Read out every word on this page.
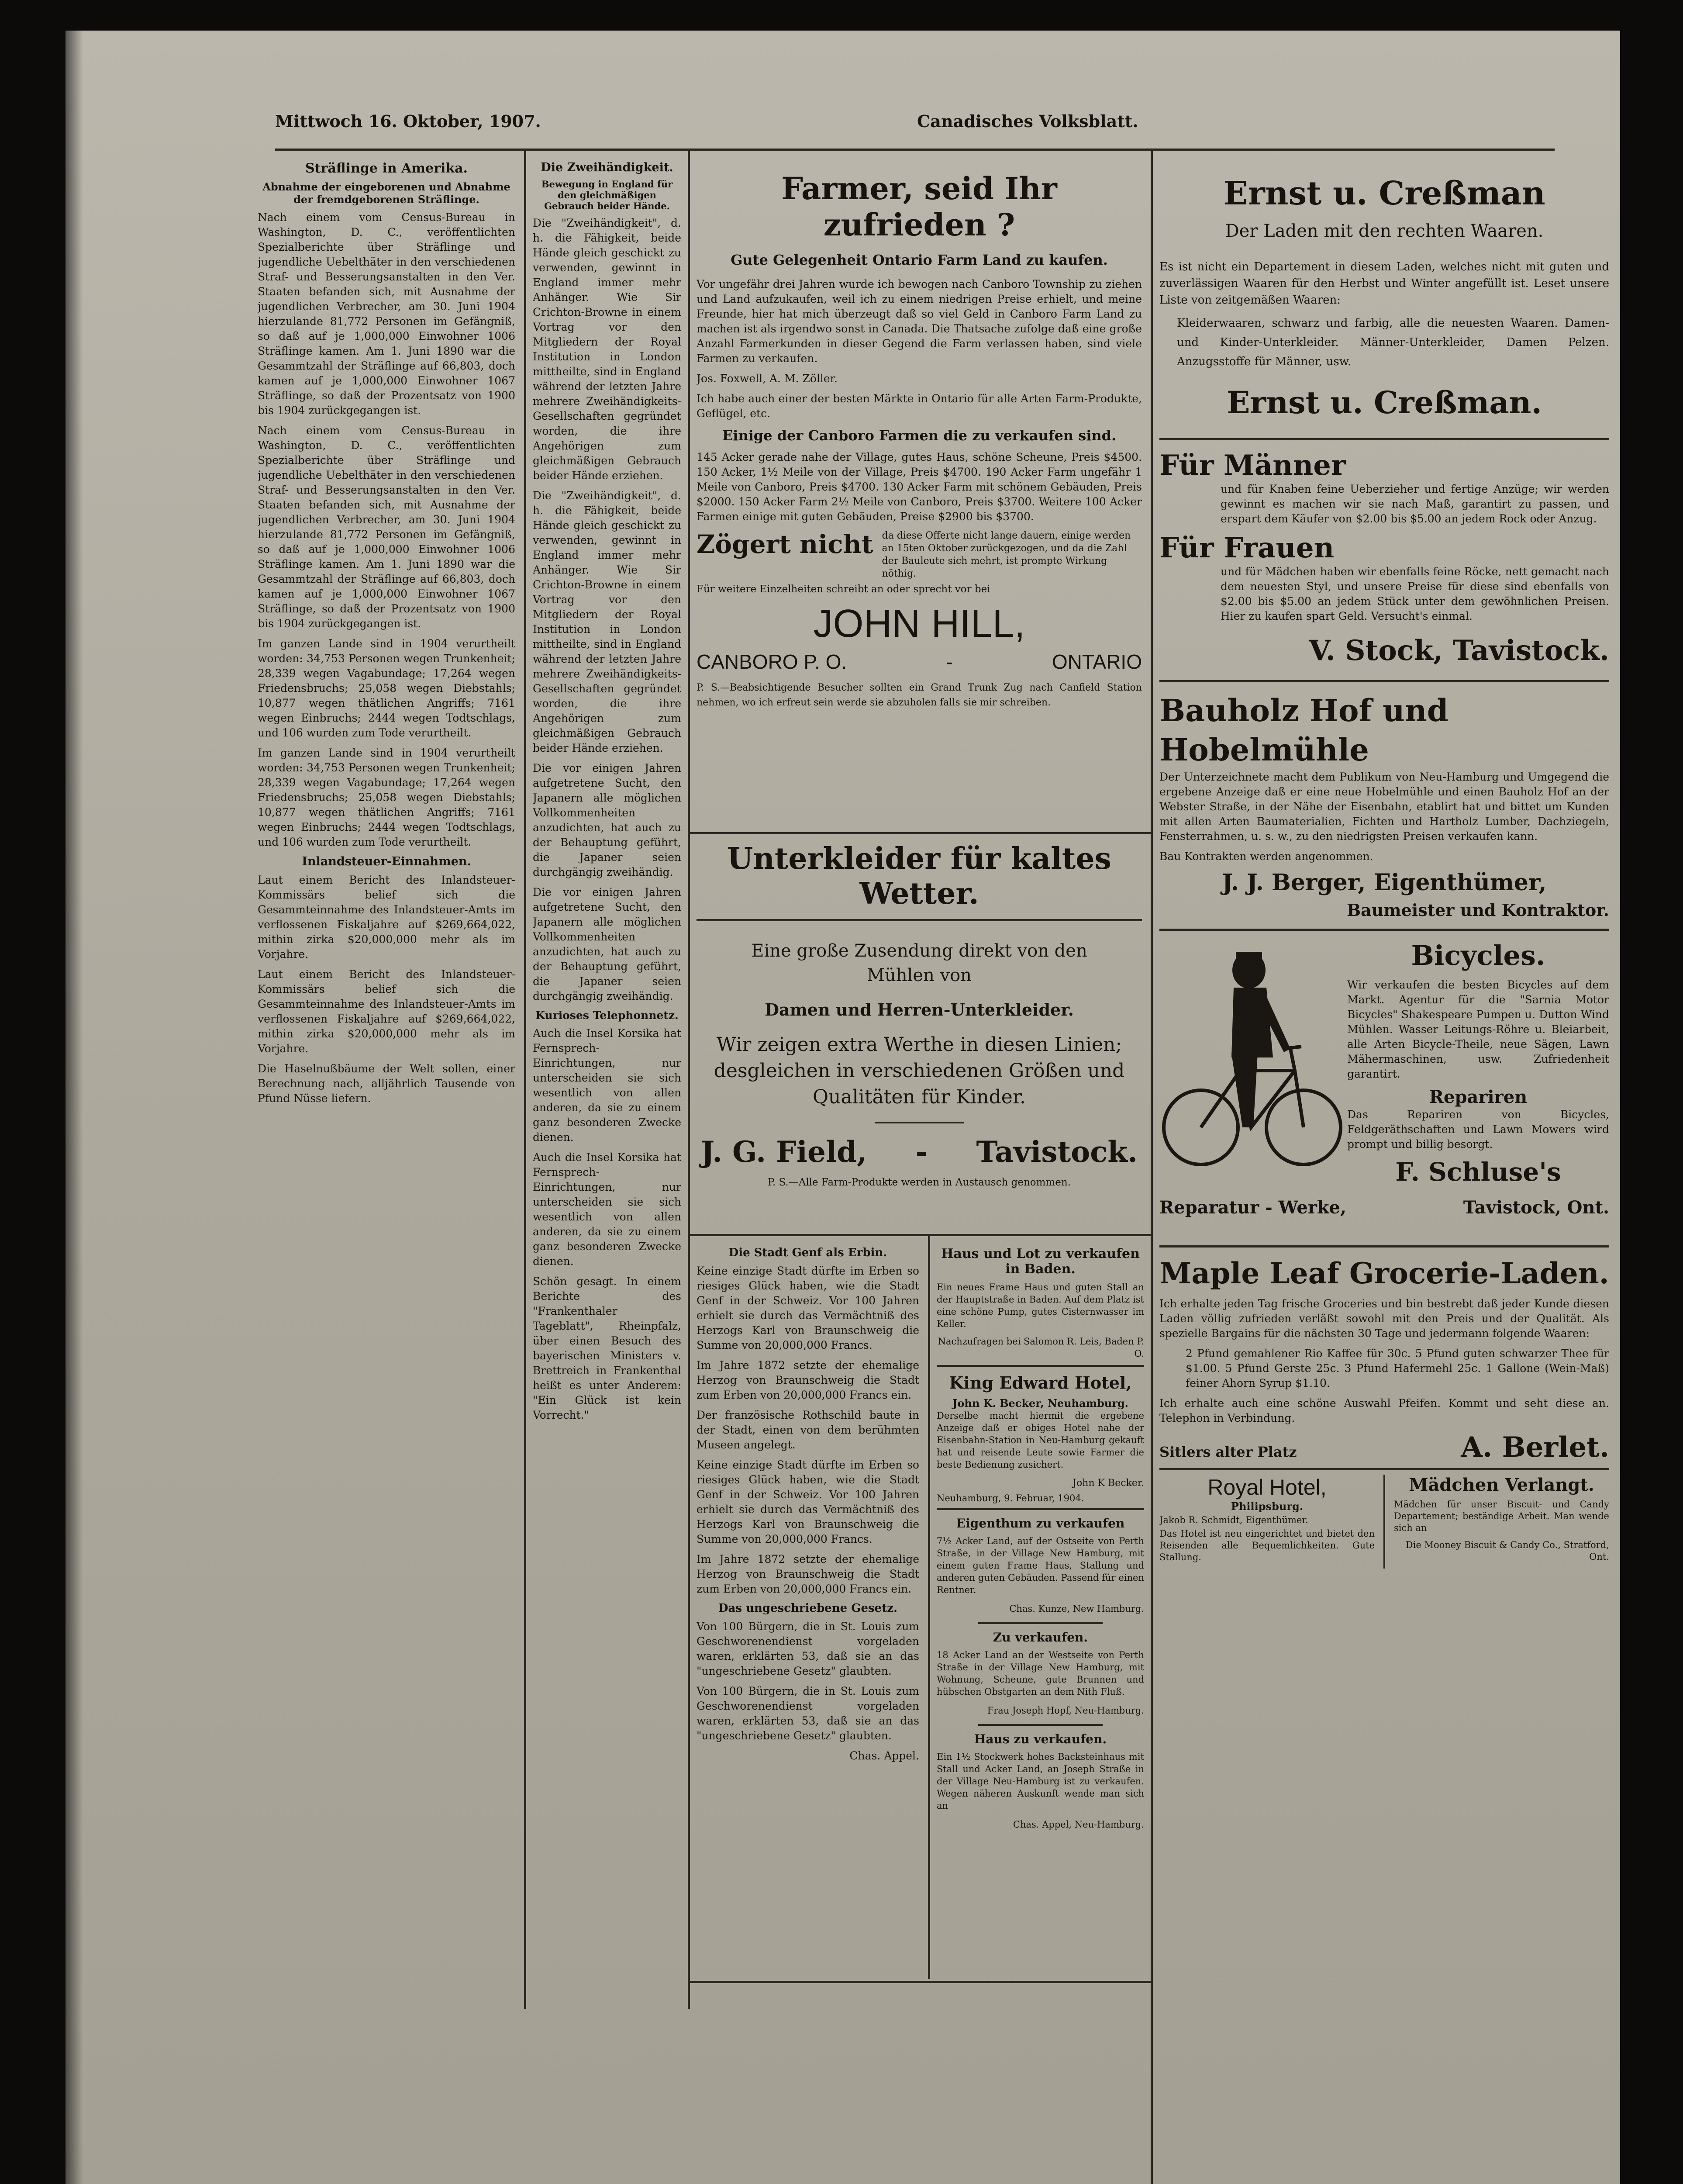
Mittwoch 16. Oktober, 1907.	Canadisches Volksblatt.
Sträflinge in Amerika.
Abnahme der eingeborenen und Abnahme der fremdgeborenen Sträflinge.

Nach einem vom Census-Bureau in Washington, D. C., veröffentlichten Spezialberichte über Sträflinge und jugendliche Uebelthäter in den verschiedenen Straf- und Besserungsanstalten in den Ver. Staaten befanden sich, mit Ausnahme der jugendlichen Verbrecher, am 30. Juni 1904 hierzulande 81,772 Personen im Gefängniß, so daß auf je 1,000,000 Einwohner 1006 Sträflinge kamen. Am 1. Juni 1890 war die Gesammtzahl der Sträflinge auf 66,803, doch kamen auf je 1,000,000 Einwohner 1067 Sträflinge, so daß der Prozentsatz von 1900 bis 1904 zurückgegangen ist.

Nach einem vom Census-Bureau in Washington, D. C., veröffentlichten Spezialberichte über Sträflinge und jugendliche Uebelthäter in den verschiedenen Straf- und Besserungsanstalten in den Ver. Staaten befanden sich, mit Ausnahme der jugendlichen Verbrecher, am 30. Juni 1904 hierzulande 81,772 Personen im Gefängniß, so daß auf je 1,000,000 Einwohner 1006 Sträflinge kamen. Am 1. Juni 1890 war die Gesammtzahl der Sträflinge auf 66,803, doch kamen auf je 1,000,000 Einwohner 1067 Sträflinge, so daß der Prozentsatz von 1900 bis 1904 zurückgegangen ist.

Im ganzen Lande sind in 1904 verurtheilt worden: 34,753 Personen wegen Trunkenheit; 28,339 wegen Vagabundage; 17,264 wegen Friedensbruchs; 25,058 wegen Diebstahls; 10,877 wegen thätlichen Angriffs; 7161 wegen Einbruchs; 2444 wegen Todtschlags, und 106 wurden zum Tode verurtheilt.

Im ganzen Lande sind in 1904 verurtheilt worden: 34,753 Personen wegen Trunkenheit; 28,339 wegen Vagabundage; 17,264 wegen Friedensbruchs; 25,058 wegen Diebstahls; 10,877 wegen thätlichen Angriffs; 7161 wegen Einbruchs; 2444 wegen Todtschlags, und 106 wurden zum Tode verurtheilt.

Inlandsteuer-Einnahmen.

Laut einem Bericht des Inlandsteuer-Kommissärs belief sich die Gesammteinnahme des Inlandsteuer-Amts im verflossenen Fiskaljahre auf $269,664,022, mithin zirka $20,000,000 mehr als im Vorjahre.

Laut einem Bericht des Inlandsteuer-Kommissärs belief sich die Gesammteinnahme des Inlandsteuer-Amts im verflossenen Fiskaljahre auf $269,664,022, mithin zirka $20,000,000 mehr als im Vorjahre.

Die Haselnußbäume der Welt sollen, einer Berechnung nach, alljährlich Tausende von Pfund Nüsse liefern.

Die Zweihändigkeit.
Bewegung in England für den gleichmäßigen Gebrauch beider Hände.

Die "Zweihändigkeit", d. h. die Fähigkeit, beide Hände gleich geschickt zu verwenden, gewinnt in England immer mehr Anhänger. Wie Sir Crichton-Browne in einem Vortrag vor den Mitgliedern der Royal Institution in London mittheilte, sind in England während der letzten Jahre mehrere Zweihändigkeits-Gesellschaften gegründet worden, die ihre Angehörigen zum gleichmäßigen Gebrauch beider Hände erziehen.

Die "Zweihändigkeit", d. h. die Fähigkeit, beide Hände gleich geschickt zu verwenden, gewinnt in England immer mehr Anhänger. Wie Sir Crichton-Browne in einem Vortrag vor den Mitgliedern der Royal Institution in London mittheilte, sind in England während der letzten Jahre mehrere Zweihändigkeits-Gesellschaften gegründet worden, die ihre Angehörigen zum gleichmäßigen Gebrauch beider Hände erziehen.

Die vor einigen Jahren aufgetretene Sucht, den Japanern alle möglichen Vollkommenheiten anzudichten, hat auch zu der Behauptung geführt, die Japaner seien durchgängig zweihändig.

Die vor einigen Jahren aufgetretene Sucht, den Japanern alle möglichen Vollkommenheiten anzudichten, hat auch zu der Behauptung geführt, die Japaner seien durchgängig zweihändig.

Kurioses Telephonnetz.

Auch die Insel Korsika hat Fernsprech-Einrichtungen, nur unterscheiden sie sich wesentlich von allen anderen, da sie zu einem ganz besonderen Zwecke dienen.

Auch die Insel Korsika hat Fernsprech-Einrichtungen, nur unterscheiden sie sich wesentlich von allen anderen, da sie zu einem ganz besonderen Zwecke dienen.

Schön gesagt. In einem Berichte des "Frankenthaler Tageblatt", Rheinpfalz, über einen Besuch des bayerischen Ministers v. Brettreich in Frankenthal heißt es unter Anderem: "Ein Glück ist kein Vorrecht."

Farmer, seid Ihr zufrieden ?
Gute Gelegenheit Ontario Farm Land zu kaufen.

Vor ungefähr drei Jahren wurde ich bewogen nach Canboro Township zu ziehen und Land aufzukaufen, weil ich zu einem niedrigen Preise erhielt, und meine Freunde, hier hat mich überzeugt daß so viel Geld in Canboro Farm Land zu machen ist als irgendwo sonst in Canada. Die Thatsache zufolge daß eine große Anzahl Farmerkunden in dieser Gegend die Farm verlassen haben, sind viele Farmen zu verkaufen.

Jos. Foxwell, A. M. Zöller.

Ich habe auch einer der besten Märkte in Ontario für alle Arten Farm-Produkte, Geflügel, etc.

Einige der Canboro Farmen die zu verkaufen sind.

145 Acker gerade nahe der Village, gutes Haus, schöne Scheune, Preis $4500. 150 Acker, 1½ Meile von der Village, Preis $4700. 190 Acker Farm ungefähr 1 Meile von Canboro, Preis $4700. 130 Acker Farm mit schönem Gebäuden, Preis $2000. 150 Acker Farm 2½ Meile von Canboro, Preis $3700. Weitere 100 Acker Farmen einige mit guten Gebäuden, Preise $2900 bis $3700.

Zögert nicht da diese Offerte nicht lange dauern, einige werden an 15ten Oktober zurückgezogen, und da die Zahl der Bauleute sich mehrt, ist prompte Wirkung nöthig.
Für weitere Einzelheiten schreibt an oder sprecht vor bei
JOHN HILL,
CANBORO P. O.	-	ONTARIO

P. S.—Beabsichtigende Besucher sollten ein Grand Trunk Zug nach Canfield Station nehmen, wo ich erfreut sein werde sie abzuholen falls sie mir schreiben.

Unterkleider für kaltes Wetter.
Eine große Zusendung direkt von den Mühlen von
Damen und Herren-Unterkleider.
Wir zeigen extra Werthe in diesen Linien; desgleichen in verschiedenen Größen und Qualitäten für Kinder.
J. G. Field, - Tavistock.
P. S.—Alle Farm-Produkte werden in Austausch genommen.
Die Stadt Genf als Erbin.

Keine einzige Stadt dürfte im Erben so riesiges Glück haben, wie die Stadt Genf in der Schweiz. Vor 100 Jahren erhielt sie durch das Vermächtniß des Herzogs Karl von Braunschweig die Summe von 20,000,000 Francs.

Im Jahre 1872 setzte der ehemalige Herzog von Braunschweig die Stadt zum Erben von 20,000,000 Francs ein.

Der französische Rothschild baute in der Stadt, einen von dem berühmten Museen angelegt.

Keine einzige Stadt dürfte im Erben so riesiges Glück haben, wie die Stadt Genf in der Schweiz. Vor 100 Jahren erhielt sie durch das Vermächtniß des Herzogs Karl von Braunschweig die Summe von 20,000,000 Francs.

Im Jahre 1872 setzte der ehemalige Herzog von Braunschweig die Stadt zum Erben von 20,000,000 Francs ein.

Das ungeschriebene Gesetz.

Von 100 Bürgern, die in St. Louis zum Geschworenendienst vorgeladen waren, erklärten 53, daß sie an das "ungeschriebene Gesetz" glaubten.

Von 100 Bürgern, die in St. Louis zum Geschworenendienst vorgeladen waren, erklärten 53, daß sie an das "ungeschriebene Gesetz" glaubten.

Chas. Appel.

Haus und Lot zu verkaufen in Baden.

Ein neues Frame Haus und guten Stall an der Hauptstraße in Baden. Auf dem Platz ist eine schöne Pump, gutes Cisternwasser im Keller.

Nachzufragen bei Salomon R. Leis, Baden P. O.

King Edward Hotel,
John K. Becker, Neuhamburg.

Derselbe macht hiermit die ergebene Anzeige daß er obiges Hotel nahe der Eisenbahn-Station in Neu-Hamburg gekauft hat und reisende Leute sowie Farmer die beste Bedienung zusichert.

John K Becker.

Neuhamburg, 9. Februar, 1904.

Eigenthum zu verkaufen

7½ Acker Land, auf der Ostseite von Perth Straße, in der Village New Hamburg, mit einem guten Frame Haus, Stallung und anderen guten Gebäuden. Passend für einen Rentner.

Chas. Kunze, New Hamburg.

Zu verkaufen.

18 Acker Land an der Westseite von Perth Straße in der Village New Hamburg, mit Wohnung, Scheune, gute Brunnen und hübschen Obstgarten an dem Nith Fluß.

Frau Joseph Hopf, Neu-Hamburg.

Haus zu verkaufen.

Ein 1½ Stockwerk hohes Backsteinhaus mit Stall und Acker Land, an Joseph Straße in der Village Neu-Hamburg ist zu verkaufen. Wegen näheren Auskunft wende man sich an

Chas. Appel, Neu-Hamburg.

Ernst u. Creßman
Der Laden mit den rechten Waaren.

Es ist nicht ein Departement in diesem Laden, welches nicht mit guten und zuverlässigen Waaren für den Herbst und Winter angefüllt ist. Leset unsere Liste von zeitgemäßen Waaren:

Kleiderwaaren, schwarz und farbig, alle die neuesten Waaren. Damen- und Kinder-Unterkleider. Männer-Unterkleider, Damen Pelzen. Anzugsstoffe für Männer, usw.

Ernst u. Creßman.
Für Männer

und für Knaben feine Ueberzieher und fertige Anzüge; wir werden gewinnt es machen wir sie nach Maß, garantirt zu passen, und erspart dem Käufer von $2.00 bis $5.00 an jedem Rock oder Anzug.

Für Frauen

und für Mädchen haben wir ebenfalls feine Röcke, nett gemacht nach dem neuesten Styl, und unsere Preise für diese sind ebenfalls von $2.00 bis $5.00 an jedem Stück unter dem gewöhnlichen Preisen. Hier zu kaufen spart Geld. Versucht's einmal.

V. Stock, Tavistock.
Bauholz Hof und Hobelmühle

Der Unterzeichnete macht dem Publikum von Neu-Hamburg und Umgegend die ergebene Anzeige daß er eine neue Hobelmühle und einen Bauholz Hof an der Webster Straße, in der Nähe der Eisenbahn, etablirt hat und bittet um Kunden mit allen Arten Baumaterialien, Fichten und Hartholz Lumber, Dachziegeln, Fensterrahmen, u. s. w., zu den niedrigsten Preisen verkaufen kann.

Bau Kontrakten werden angenommen.

J. J. Berger, Eigenthümer,
Baumeister und Kontraktor.
Bicycles.

Wir verkaufen die besten Bicycles auf dem Markt. Agentur für die "Sarnia Motor Bicycles" Shakespeare Pumpen u. Dutton Wind Mühlen. Wasser Leitungs-Röhre u. Bleiarbeit, alle Arten Bicycle-Theile, neue Sägen, Lawn Mähermaschinen, usw. Zufriedenheit garantirt.

Repariren

Das Repariren von Bicycles, Feldgeräthschaften und Lawn Mowers wird prompt und billig besorgt.

F. Schluse's
Reparatur - Werke,	Tavistock, Ont.
Maple Leaf Grocerie-Laden.

Ich erhalte jeden Tag frische Groceries und bin bestrebt daß jeder Kunde diesen Laden völlig zufrieden verläßt sowohl mit den Preis und der Qualität. Als spezielle Bargains für die nächsten 30 Tage und jedermann folgende Waaren:

2 Pfund gemahlener Rio Kaffee für 30c. 5 Pfund guten schwarzer Thee für $1.00. 5 Pfund Gerste 25c. 3 Pfund Hafermehl 25c. 1 Gallone (Wein-Maß) feiner Ahorn Syrup $1.10.

Ich erhalte auch eine schöne Auswahl Pfeifen. Kommt und seht diese an. Telephon in Verbindung.

Sitlers alter Platz	A. Berlet.
Royal Hotel,
Philipsburg.

Jakob R. Schmidt, Eigenthümer.

Das Hotel ist neu eingerichtet und bietet den Reisenden alle Bequemlichkeiten. Gute Stallung.

Mädchen Verlangt.

Mädchen für unser Biscuit- und Candy Departement; beständige Arbeit. Man wende sich an

Die Mooney Biscuit & Candy Co., Stratford, Ont.
